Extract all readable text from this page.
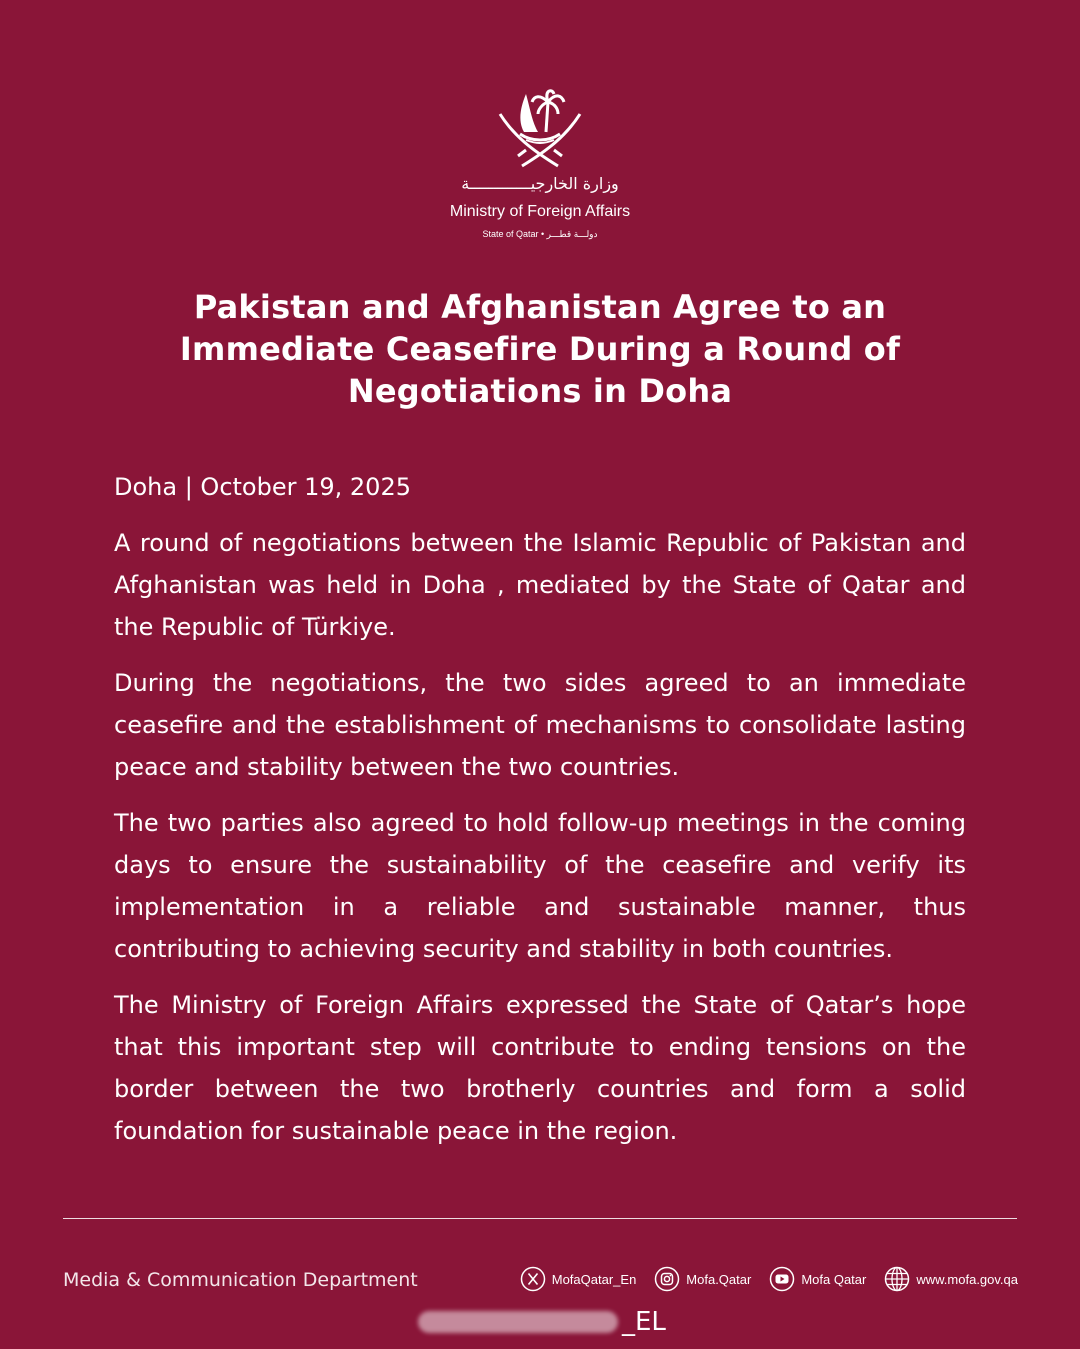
وزارة الخارجيـــــــــــــة
Ministry of Foreign Affairs
State of Qatar • دولـــة قطـــر
Pakistan and Afghanistan Agree to an Immediate Ceasefire During a Round of Negotiations in Doha

Doha | October 19, 2025

A round of negotiations between the Islamic Republic of Pakistan and Afghanistan was held in Doha , mediated by the State of Qatar and the Republic of Türkiye.

During the negotiations, the two sides agreed to an immediate ceasefire and the establishment of mechanisms to consolidate lasting peace and stability between the two countries.

The two parties also agreed to hold follow-up meetings in the coming days to ensure the sustainability of the ceasefire and verify its implementation in a reliable and sustainable manner, thus contributing to achieving security and stability in both countries.

The Ministry of Foreign Affairs expressed the State of Qatar’s hope that this important step will contribute to ending tensions on the border between the two brotherly countries and form a solid foundation for sustainable peace in the region.

Media & Communication Department	MofaQatar_En	Mofa.Qatar	Mofa Qatar	www.mofa.gov.qa
_EL
